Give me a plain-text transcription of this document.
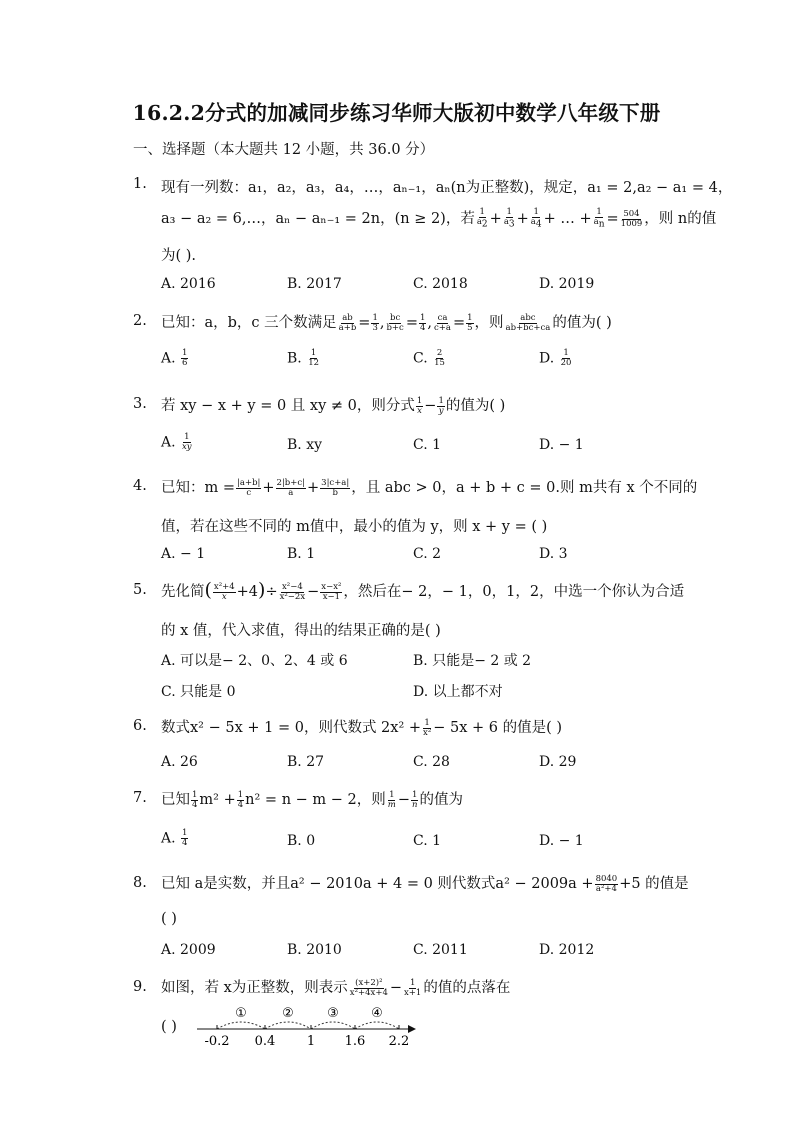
16.2.2分式的加减同步练习华师大版初中数学八年级下册
一、选择题（本大题共 12 小题，共 36.0 分）
1. 现有一列数：a₁，a₂，a₃，a₄，…，aₙ₋₁，aₙ(n为正整数)，规定，a₁ = 2,a₂ − a₁ = 4，
a₃ − a₂ = 6,…，aₙ − aₙ₋₁ = 2n，(n ≥ 2)，若 $\frac{1}{a_2} + \frac{1}{a_3} + \frac{1}{a_4}$ + … + $\frac{1}{a_n} = \frac{504}{1009}$ ，则 n的值
为( ).
A. 2016	B. 2017	C. 2018	D. 2019
2. 已知：a，b，c 三个数满足 $\frac{ab}{a+b} = \frac{1}{3}$ , $\frac{bc}{b+c} = \frac{1}{4}$ , $\frac{ca}{c+a} = \frac{1}{5}$ ，则 $\frac{\text{abc}}{ab+bc+ca}$ 的值为( )
A. $\frac{1}{6}$	B. $\frac{1}{12}$	C. $\frac{2}{15}$	D. $\frac{1}{20}$
3. 若 xy − x + y = 0 且 xy ≠ 0，则分式 $\frac{1}{x} - \frac{1}{y}$ 的值为( )
A. $\frac{1}{xy}$	B. xy	C. 1	D. − 1
4. 已知：$m = \frac{|a+b|}{c} + \frac{2|b+c|}{a} + \frac{3|c+a|}{b}$ ，且 abc > 0，a + b + c = 0.则 m共有 x 个不同的
值，若在这些不同的 m值中，最小的值为 y，则 x + y = ( )
A. − 1	B. 1	C. 2	D. 3
5. 先化简( $\frac{\text{x²+4}}{x} +4)\div \frac{\text{x²−4}}{\text{x²−2x}} - \frac{\text{x−x²}}{x-1}$ ，然后在− 2，− 1，0，1，2，中选一个你认为合适
的 x 值，代入求值，得出的结果正确的是( )
A. 可以是− 2、0、2、4 或 6	B. 只能是− 2 或 2
C. 只能是 0	D. 以上都不对
6. 数式x² − 5x + 1 = 0，则代数式 $2x^2 + \frac{1}{\text{x²}} - 5x + 6$ 的值是( )
A. 26	B. 27	C. 28	D. 29
7. 已知 $\frac{1}{4} m^2 + \frac{1}{4} n^2 = n - m - 2$，则 $\frac{1}{m} - \frac{1}{n}$ 的值为
A. $\frac{1}{4}$	B. 0	C. 1	D. − 1
8. 已知 a是实数，并且a² − 2010a + 4 = 0 则代数式$a^2 - 2009a + \frac{8040}{\text{a²+4}} +5$ 的值是
( )
A. 2009	B. 2010	C. 2011	D. 2012
9. 如图，若 x为正整数，则表示 $\frac{\text{(x+2)²}}{\text{x²+4x+4}} - \frac{1}{x+1}$ 的值的点落在
( )
-0.2 0.4 1 1.6 2.2
①	②	③ ④
